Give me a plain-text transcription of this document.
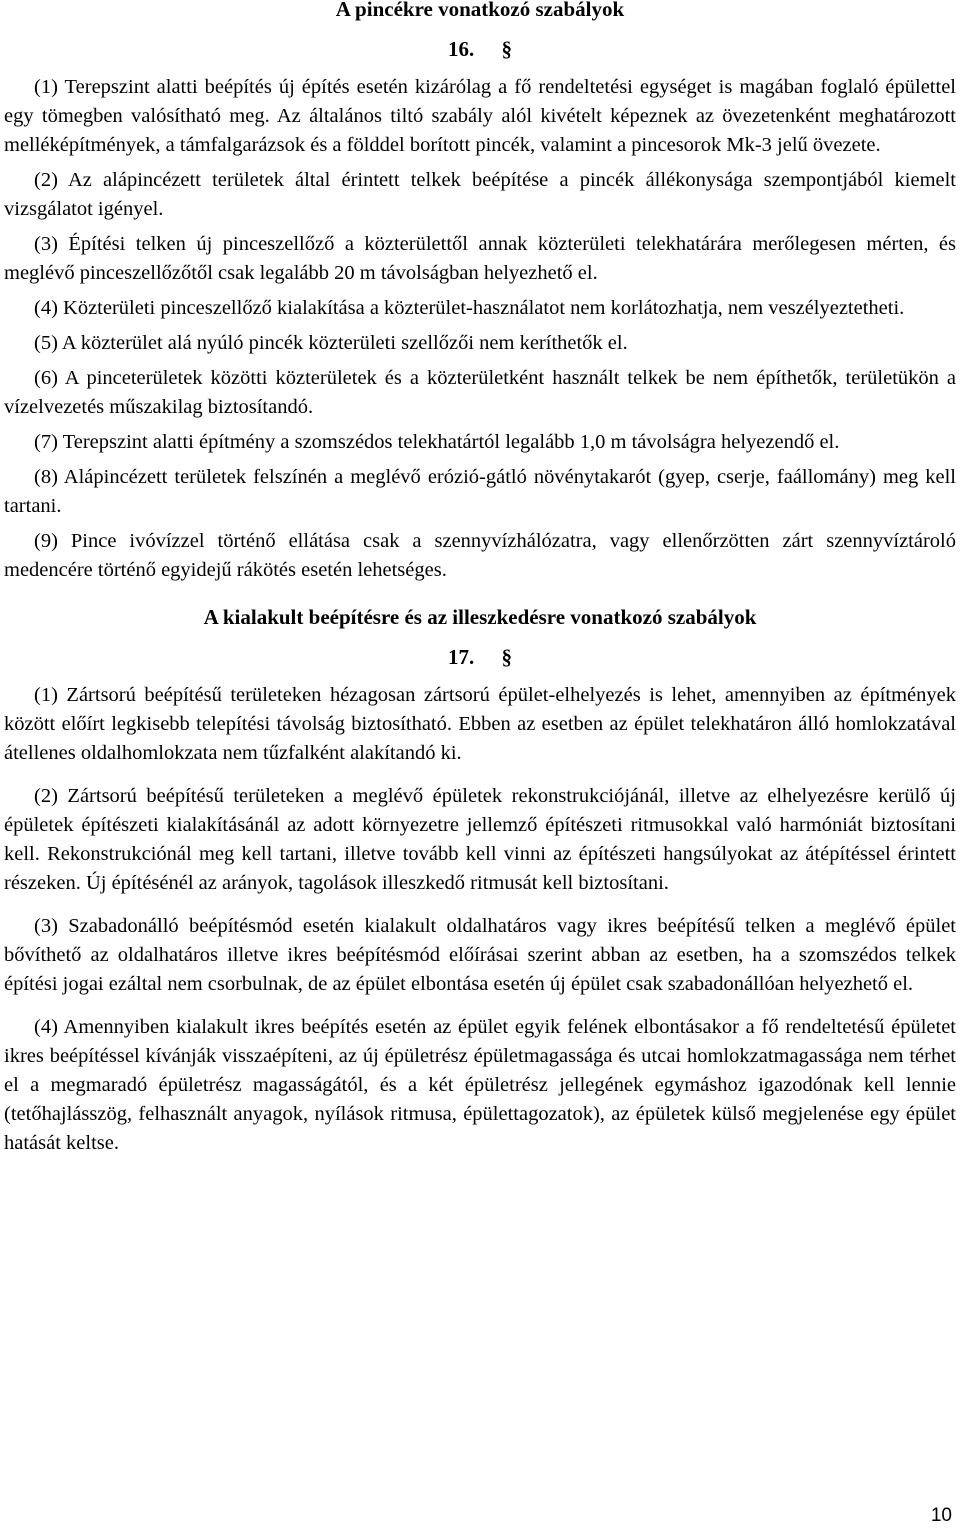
A pincékre vonatkozó szabályok
16. §

(1) Terepszint alatti beépítés új építés esetén kizárólag a fő rendeltetési egységet is magában foglaló épülettel egy tömegben valósítható meg. Az általános tiltó szabály alól kivételt képeznek az övezetenként meghatározott melléképítmények, a támfalgarázsok és a földdel borított pincék, valamint a pincesorok Mk-3 jelű övezete.

(2) Az alápincézett területek által érintett telkek beépítése a pincék állékonysága szempontjából kiemelt vizsgálatot igényel.

(3) Építési telken új pinceszellőző a közterülettől annak közterületi telekhatárára merőlegesen mérten, és meglévő pinceszellőzőtől csak legalább 20 m távolságban helyezhető el.

(4) Közterületi pinceszellőző kialakítása a közterület-használatot nem korlátozhatja, nem veszélyeztetheti.

(5) A közterület alá nyúló pincék közterületi szellőzői nem keríthetők el.

(6) A pinceterületek közötti közterületek és a közterületként használt telkek be nem építhetők, területükön a vízelvezetés műszakilag biztosítandó.

(7) Terepszint alatti építmény a szomszédos telekhatártól legalább 1,0 m távolságra helyezendő el.

(8) Alápincézett területek felszínén a meglévő erózió-gátló növénytakarót (gyep, cserje, faállomány) meg kell tartani.

(9) Pince ivóvízzel történő ellátása csak a szennyvízhálózatra, vagy ellenőrzötten zárt szennyvíztároló medencére történő egyidejű rákötés esetén lehetséges.

A kialakult beépítésre és az illeszkedésre vonatkozó szabályok
17. §

(1) Zártsorú beépítésű területeken hézagosan zártsorú épület-elhelyezés is lehet, amennyiben az építmények között előírt legkisebb telepítési távolság biztosítható. Ebben az esetben az épület telekhatáron álló homlokzatával átellenes oldalhomlokzata nem tűzfalként alakítandó ki.

(2) Zártsorú beépítésű területeken a meglévő épületek rekonstrukciójánál, illetve az elhelyezésre kerülő új épületek építészeti kialakításánál az adott környezetre jellemző építészeti ritmusokkal való harmóniát biztosítani kell. Rekonstrukciónál meg kell tartani, illetve tovább kell vinni az építészeti hangsúlyokat az átépítéssel érintett részeken. Új építésénél az arányok, tagolások illeszkedő ritmusát kell biztosítani.

(3) Szabadonálló beépítésmód esetén kialakult oldalhatáros vagy ikres beépítésű telken a meglévő épület bővíthető az oldalhatáros illetve ikres beépítésmód előírásai szerint abban az esetben, ha a szomszédos telkek építési jogai ezáltal nem csorbulnak, de az épület elbontása esetén új épület csak szabadonállóan helyezhető el.

(4) Amennyiben kialakult ikres beépítés esetén az épület egyik felének elbontásakor a fő rendeltetésű épületet ikres beépítéssel kívánják visszaépíteni, az új épületrész épületmagassága és utcai homlokzatmagassága nem térhet el a megmaradó épületrész magasságától, és a két épületrész jellegének egymáshoz igazodónak kell lennie (tetőhajlásszög, felhasznált anyagok, nyílások ritmusa, épülettagozatok), az épületek külső megjelenése egy épület hatását keltse.

10
